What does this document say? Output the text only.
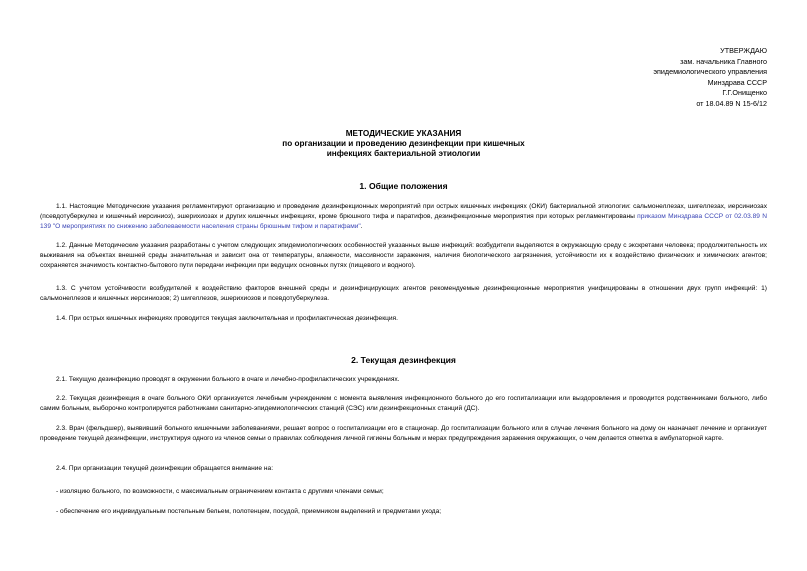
УТВЕРЖДАЮ
зам. начальника Главного
эпидемиологического управления
Минздрава СССР
Г.Г.Онищенко
от 18.04.89 N 15-6/12
МЕТОДИЧЕСКИЕ УКАЗАНИЯ
по организации и проведению дезинфекции при кишечных
инфекциях бактериальной этиологии
1. Общие положения
1.1. Настоящие Методические указания регламентируют организацию и проведение дезинфекционных мероприятий при острых кишечных инфекциях (ОКИ) бактериальной этиологии: сальмонеллезах, шигеллезах, иерсиниозах (псевдотуберкулез и кишечный иерсиниоз), эшерихиозах и других кишечных инфекциях, кроме брюшного тифа и паратифов, дезинфекционные мероприятия при которых регламентированы приказом Минздрава СССР от 02.03.89 N 139 "О мероприятиях по снижению заболеваемости населения страны брюшным тифом и паратифами".
1.2. Данные Методические указания разработаны с учетом следующих эпидемиологических особенностей указанных выше инфекций: возбудители выделяются в окружающую среду с экскретами человека; продолжительность их выживания на объектах внешней среды значительная и зависит она от температуры, влажности, массивности заражения, наличия биологического загрязнения, устойчивости их к воздействию физических и химических агентов; сохраняется значимость контактно-бытового пути передачи инфекции при ведущих основных путях (пищевого и водного).
1.3. С учетом устойчивости возбудителей к воздействию факторов внешней среды и дезинфицирующих агентов рекомендуемые дезинфекционные мероприятия унифицированы в отношении двух групп инфекций: 1) сальмонеллезов и кишечных иерсиниозов; 2) шигеллезов, эшерихиозов и псевдотуберкулеза.
1.4. При острых кишечных инфекциях проводится текущая заключительная и профилактическая дезинфекция.
2. Текущая дезинфекция
2.1. Текущую дезинфекцию проводят в окружении больного в очаге и лечебно-профилактических учреждениях.
2.2. Текущая дезинфекция в очаге больного ОКИ организуется лечебным учреждением с момента выявления инфекционного больного до его госпитализации или выздоровления и проводится родственниками больного, либо самим больным, выборочно контролируется работниками санитарно-эпидемиологических станций (СЭС) или дезинфекционных станций (ДС).
2.3. Врач (фельдшер), выявивший больного кишечными заболеваниями, решает вопрос о госпитализации его в стационар. До госпитализации больного или в случае лечения больного на дому он назначает лечение и организует проведение текущей дезинфекции, инструктируя одного из членов семьи о правилах соблюдения личной гигиены больным и мерах предупреждения заражения окружающих, о чем делается отметка в амбулаторной карте.
2.4. При организации текущей дезинфекции обращается внимание на:
- изоляцию больного, по возможности, с максимальным ограничением контакта с другими членами семьи;
- обеспечение его индивидуальным постельным бельем, полотенцем, посудой, приемником выделений и предметами ухода;
